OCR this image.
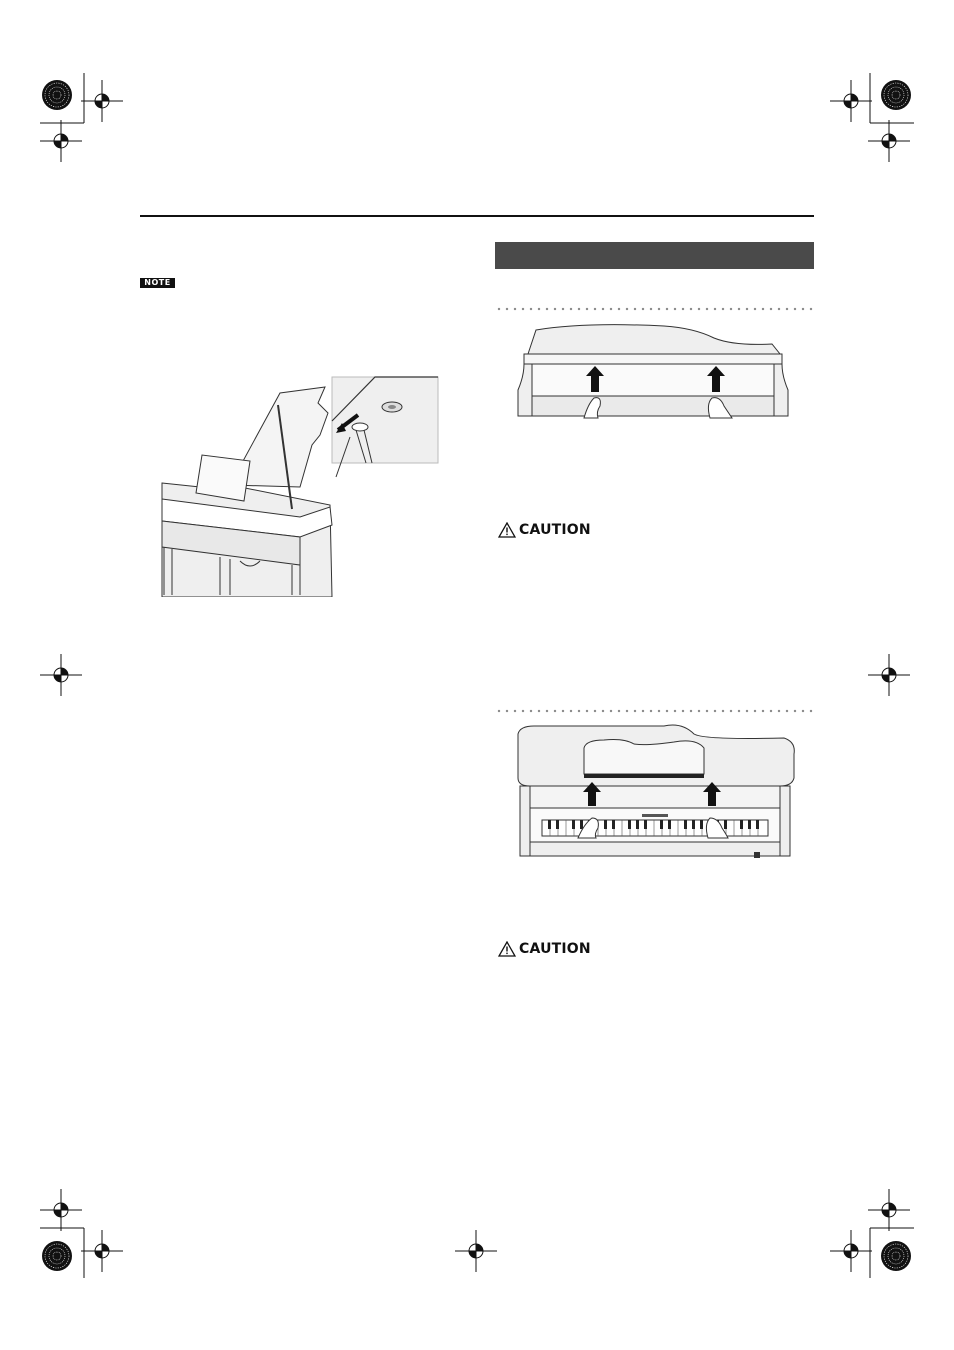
NOTE
CAUTION
CAUTION
